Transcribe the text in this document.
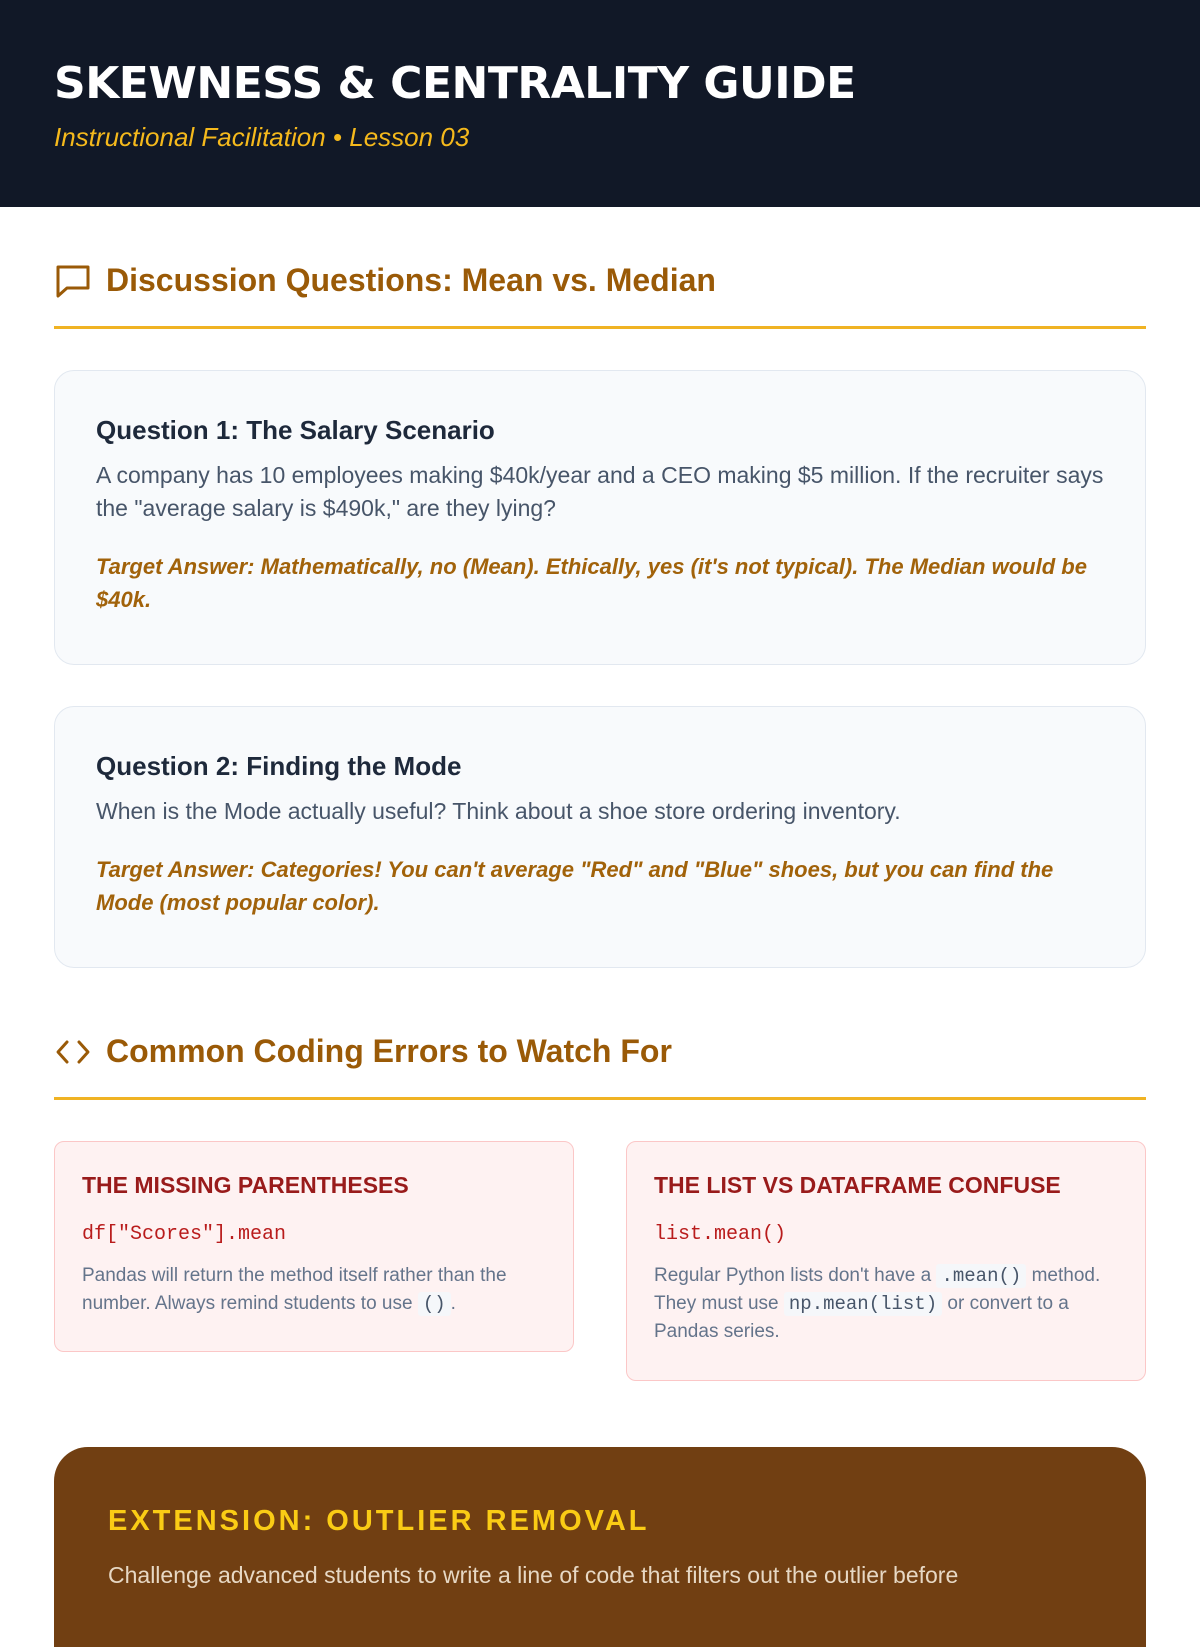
SKEWNESS & CENTRALITY GUIDE
Instructional Facilitation • Lesson 03
Discussion Questions: Mean vs. Median
Question 1: The Salary Scenario
A company has 10 employees making $40k/year and a CEO making $5 million. If the recruiter says the "average salary is $490k," are they lying?
Target Answer: Mathematically, no (Mean). Ethically, yes (it's not typical). The Median would be $40k.
Question 2: Finding the Mode
When is the Mode actually useful? Think about a shoe store ordering inventory.
Target Answer: Categories! You can't average "Red" and "Blue" shoes, but you can find the Mode (most popular color).
Common Coding Errors to Watch For
THE MISSING PARENTHESES
df["Scores"].mean
Pandas will return the method itself rather than the number. Always remind students to use () .
THE LIST VS DATAFRAME CONFUSE
list.mean()
Regular Python lists don't have a .mean() method. They must use np.mean(list) or convert to a Pandas series.
EXTENSION: OUTLIER REMOVAL
Challenge advanced students to write a line of code that filters out the outlier before
